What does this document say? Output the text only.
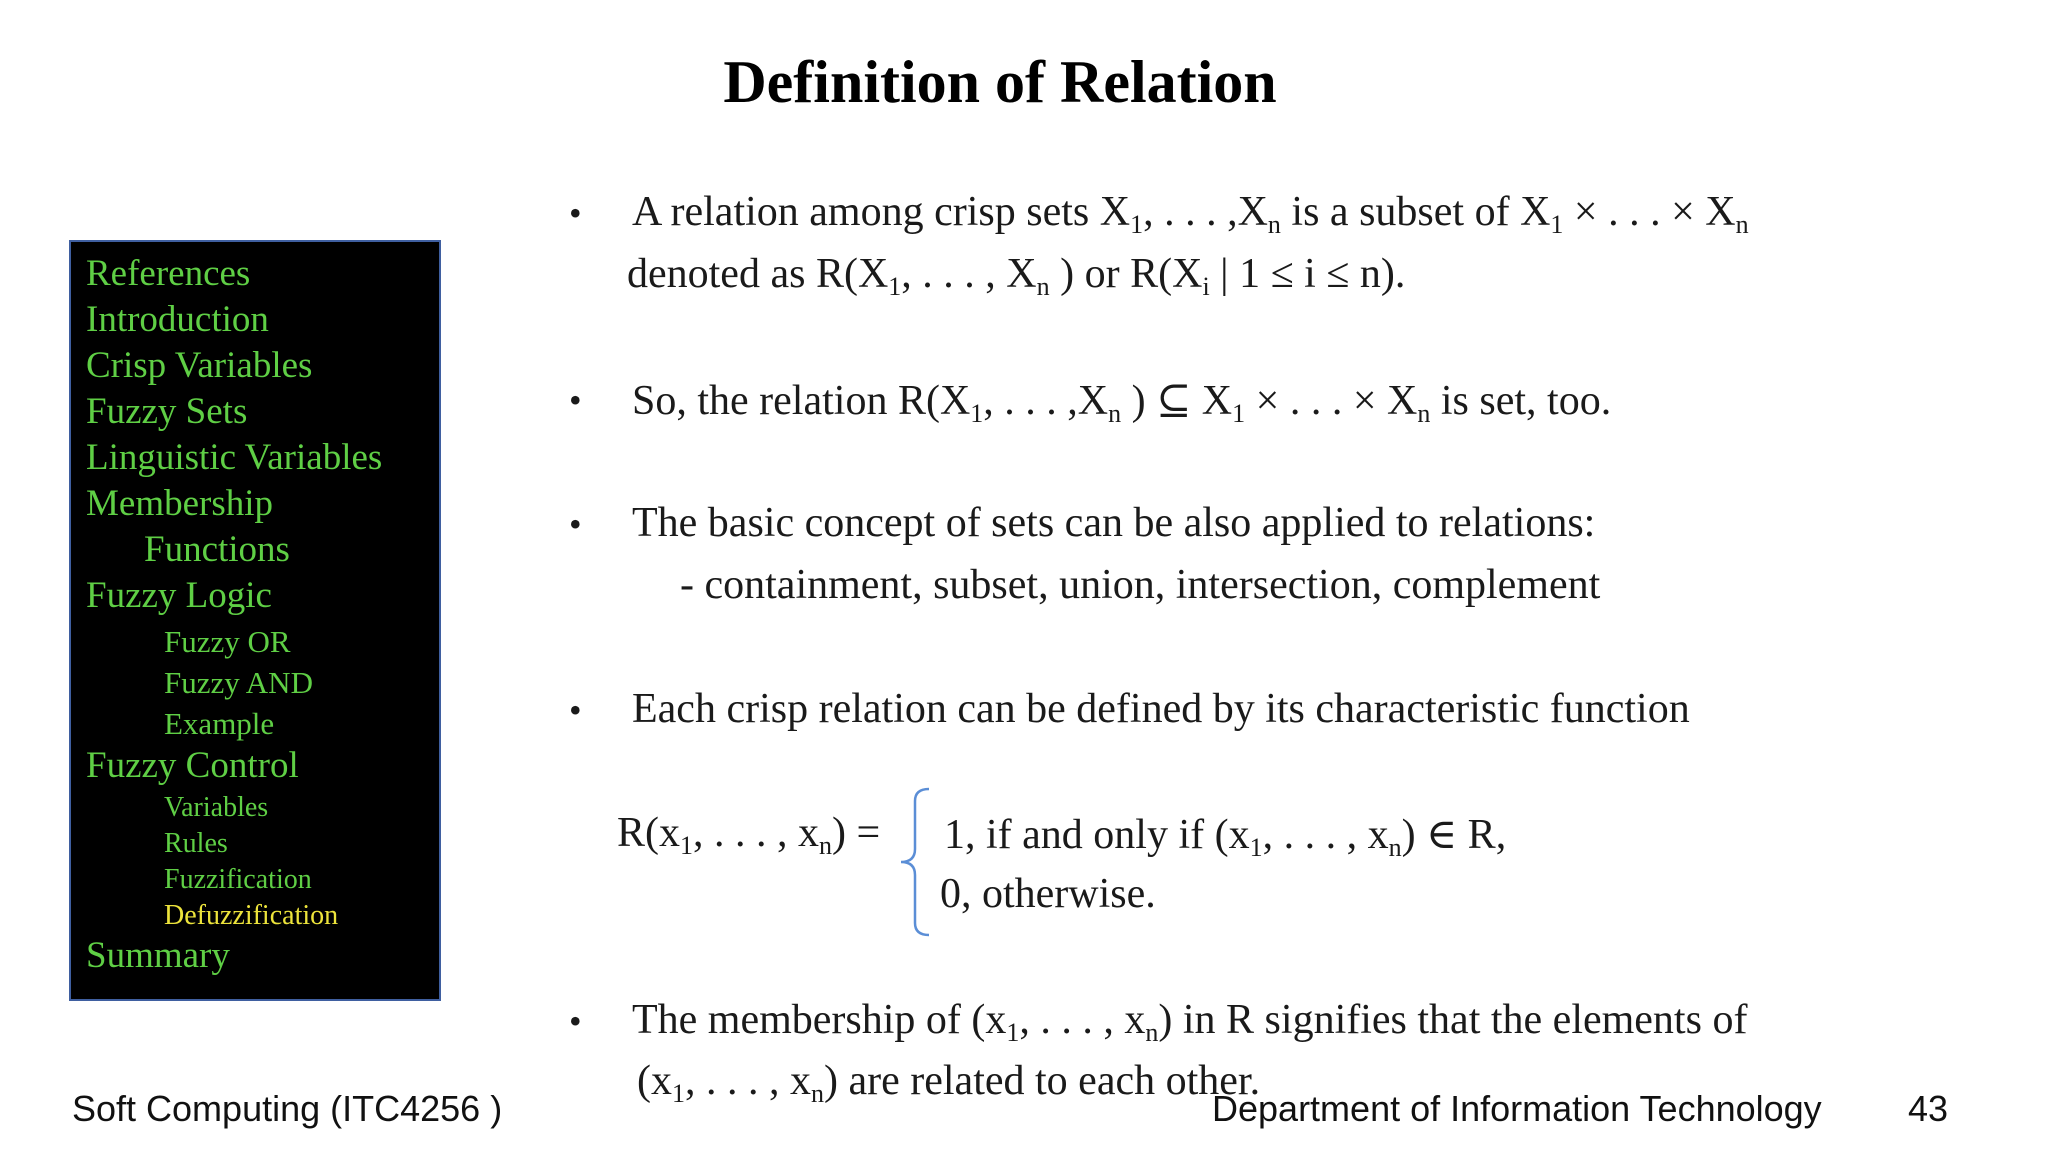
Definition of Relation
References
Introduction
Crisp Variables
Fuzzy Sets
Linguistic Variables
Membership
Functions
Fuzzy Logic
Fuzzy OR
Fuzzy AND
Example
Fuzzy Control
Variables
Rules
Fuzzification
Defuzzification
Summary
• A relation among crisp sets $X_1$, . . . $,X_n$ is a subset of $X_1$ × . . . × $X_n$
denoted as $R(X_1$, . . . , $X_n$ ) or $R(X_i$ | 1 ≤ i ≤ n).
• So, the relation $R(X_1$, . . . $,X_n$ ) ⊆ $X_1$ × . . . × $X_n$ is set, too.
• The basic concept of sets can be also applied to relations:
- containment, subset, union, intersection, complement
• Each crisp relation can be defined by its characteristic function
$R(x_1$, . . . , $x_n) = 1$, if and only if ($x_1$, . . . , $x_n$) ∈ R,
0, otherwise.
• The membership of ($x_1$, . . . , $x_n$) in R signifies that the elements of
($x_1$, . . . , $x_n$) are related to each other.
Soft Computing (ITC4256 )	Department of Information Technology 43
